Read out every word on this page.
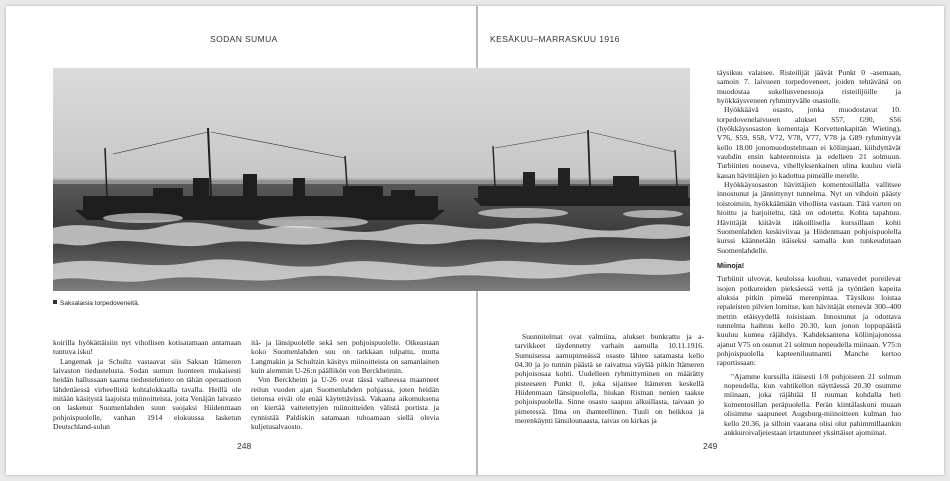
SODAN SUMUA	KESÄKUU–MARRASKUU 1916
Saksalaisia torpedoveneitä.

koirilla hyökättäisiin nyt vihollisen kotisatamaan antamaan tuntuva isku!

Langemak ja Schultz vastaavat siis Saksan Itämeren laivaston tiedustelusta. Sodan sumun luonteen mukaisesti heidän hallussaan saama tiedustelutieto on tähän operaatioon lähdettäessä virheellistä kohtalokkaalla tavalla. Heillä ole mitään käsitystä laajoista miinoitteista, joita Venäjän laivasto on laskenut Suomenlahden suun suojaksi Hiidenmaan pohjoispuolelle, vanhan 1914 elokuussa lasketun Deutschland-sulun

itä- ja länsipuolelle sekä sen pohjoispuolelle. Oikeastaan koko Suomenlahden suu on tarkkaan tulpattu, mutta Langmakin ja Schultzin käsitys miinoitteista on samanlainen kuin aiemmin U-26:n päällikön von Berckheimin.

Von Berckheim ja U-26 ovat tässä vaiheessa maanneet reilun vuoden ajan Suomenlahden pohjassa, joten heidän tietonsa eivät ole enää käytettävissä. Vakaana aikomuksena on kiertää vaitetettyjen miinoitteiden välistä portista ja rynnistää Paldiskin satamaan tuhoamaan siellä olevia kuljetusalvaosto.

Suunnitelmat ovat valmiina, alukset bunkrattu ja a-tarvikkeet täydennetty varhain aamulla 10.11.1916. Sumuisessa aamupimeässä osasto lähtee satamasta kello 04.30 ja jo tunnin päästä se raivattua väylää pitkin Itämeren pohjoisosaa kohti. Uudelleen ryhmittyminen on määrätty pisteeseen Punkt 0, joka sijaitsee Itämeren keskellä Hiidenmaan länsipuolella, hiukan Ristnan nenien taakse pohjoispuolella. Sinne osasto saapuu alkuillasta, taivaan jo pimetessä. Ilma on ihanteellinen. Tuuli on heikkoa ja merenkäynti länsilounaasta, taivas on kirkas ja

täysikuu valaisee. Risteilijät jäävät Punkt 0 -asemaan, samoin 7. laivueen torpedoveneet, joiden tehtävänä on muodostaa sukellusvenesuoja risteilijöille ja hyökkäysveneen ryhmittyvälle osastolle.

Hyökkäävä osasto, jonka muodostavat 10. torpedovenelaivueen alukset S57, G90, S56 (hyökkäysosaston komentaja Korvettenkapitän Wieting), V76, S59, S58, V72, V78, V77, V78 ja G89 ryhmittyvät kello 18.00 jonomuodostelmaan ei köliinjaan, kiihdyttävät vauhdin ensin kahteentoista ja edelleen 21 solmuun. Turbiinien nouseva, vihellyksenkainen ulina kuuluu vielä kauan hävittäjien jo kadottua pimeälle merelle.

Hyökkäysosaston hävittäjien komentosillalla vallitsee innostunut ja jännittynyt tunnelma. Nyt on vihdoin päästy toistoimiin, hyökkäämään vihollista vastaan. Tätä varten on hioittu ja harjoiteltu, tätä on odotettu. Kohta tapahtuu. Hävittäjät kiitävät itäkoillisella kurssillaan kohti Suomenlahden keskiviivaa ja Hiidenmaan pohjoispuolella kurssi käännetään itäiseksi samalla kun tunkeudutaan Suomenlahdelle.

Miinoja!

Turbiinit ulvovat, keuloissa kuohuu, vanavedet poreilevat isojen potkureiden pieksäessä vettä ja työntäen kapeita aluksia pitkin pimeää merenpintaa. Täysikuu loistaa repaleisten pilvien lomitse, kun hävittäjät etenevät 300–400 metrin etäisyydellä toisistaan. Innostunut ja odottava tunnelma haihtuu kello 20.30, kun jonon loppupäästä kuuluu kumea räjähdys. Kahdeksantena köliinjajonossa ajanut V75 on osunut 21 solmun nopeudella miinaan. V75:n pohjoispuolella kapteeniluutnantti Manche kertoo raportissaan:

"Ajamme kurssilla itäisesti 1/8 pohjoiseen 21 solmun nopeudella, kun vahtikellon näyttäessä 20.30 osumme miinaan, joka räjähtää II ruuman kohdalla heti komentosillan peräpuolella. Perän kiintälaskuni muaan olisimme saapuneet Augsburg-miinoitteen kulman luo kello 20.36, ja silloin vaarana olisi olut pahimmillaankin ankkuroivaljeiestaan irtautuneet yksittäiset ajomiinat.

248	249
